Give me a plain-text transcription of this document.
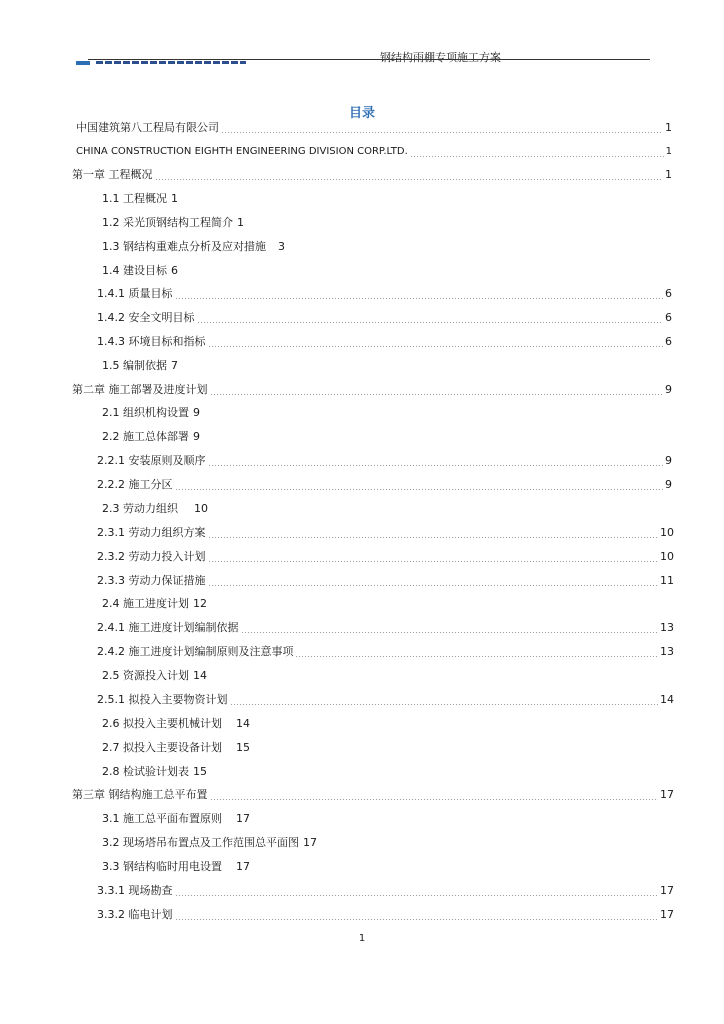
钢结构雨棚专项施工方案
目录
中国建筑第八工程局有限公司	1
CHINA CONSTRUCTION EIGHTH ENGINEERING DIVISION CORP.LTD.	1
第一章 工程概况	1
1.1 工程概况 1
1.2 采光顶钢结构工程简介 1
1.3 钢结构重难点分析及应对措施 3
1.4 建设目标 6
1.4.1 质量目标	6
1.4.2 安全文明目标	6
1.4.3 环境目标和指标	6
1.5 编制依据 7
第二章 施工部署及进度计划	9
2.1 组织机构设置 9
2.2 施工总体部署 9
2.2.1 安装原则及顺序	9
2.2.2 施工分区	9
2.3 劳动力组织 10
2.3.1 劳动力组织方案	10
2.3.2 劳动力投入计划	10
2.3.3 劳动力保证措施	11
2.4 施工进度计划 12
2.4.1 施工进度计划编制依据	13
2.4.2 施工进度计划编制原则及注意事项	13
2.5 资源投入计划 14
2.5.1 拟投入主要物资计划	14
2.6 拟投入主要机械计划 14
2.7 拟投入主要设备计划 15
2.8 检试验计划表 15
第三章 钢结构施工总平布置	17
3.1 施工总平面布置原则 17
3.2 现场塔吊布置点及工作范围总平面图 17
3.3 钢结构临时用电设置 17
3.3.1 现场勘查	17
3.3.2 临电计划	17
1
